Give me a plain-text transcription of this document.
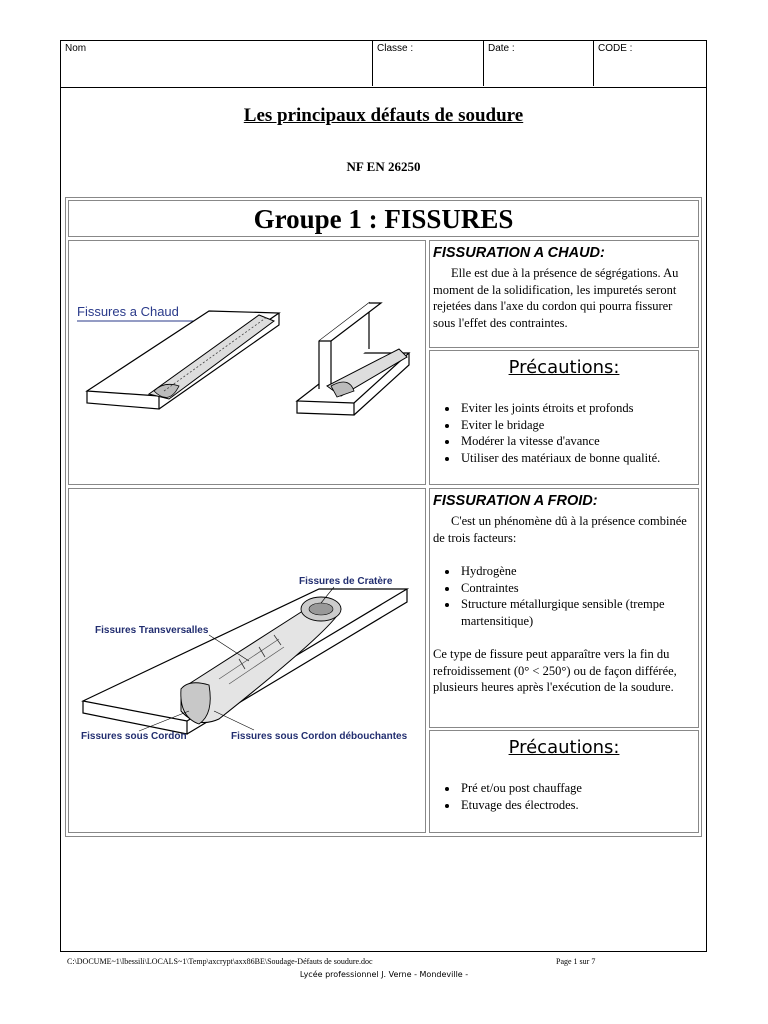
Nom	Classe :	Date :	CODE :
Les principaux défauts de soudure
NF EN 26250
Groupe 1 : FISSURES
Fissures a Chaud

FISSURATION A CHAUD:

Elle est due à la présence de ségrégations. Au moment de la solidification, les impuretés seront rejetées dans l'axe du cordon qui pourra fissurer sous l'effet des contraintes.

Précautions:

• Eviter les joints étroits et profonds
• Eviter le bridage
• Modérer la vitesse d'avance
• Utiliser des matériaux de bonne qualité.
Fissures de Cratère
Fissures Transversalles
Fissures sous Cordon	Fissures sous Cordon débouchantes

FISSURATION A FROID:

C'est un phénomène dû à la présence combinée de trois facteurs:

• Hydrogène
• Contraintes
• Structure métallurgique sensible (trempe martensitique)

Ce type de fissure peut apparaître vers la fin du refroidissement (0° < 250°) ou de façon différée, plusieurs heures après l'exécution de la soudure.

Précautions:

• Pré et/ou post chauffage
• Etuvage des électrodes.
C:\DOCUME~1\lbessili\LOCALS~1\Temp\axcrypt\axx86BE\Soudage-Défauts de soudure.doc	Page 1 sur 7
Lycée professionnel J. Verne - Mondeville -
